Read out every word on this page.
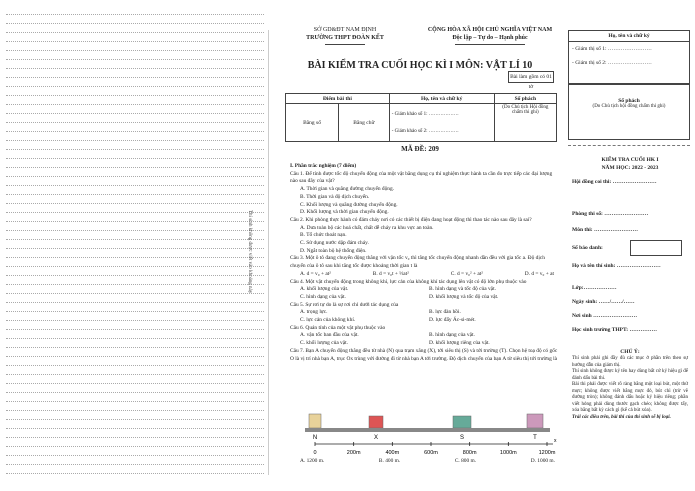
Thí sinh không được viết vào khoảng này
SỞ GD&ĐT NAM ĐỊNH
TRƯỜNG THPT ĐOÀN KẾT
CỘNG HÒA XÃ HỘI CHỦ NGHĨA VIỆT NAM
Độc lập – Tự do – Hạnh phúc
BÀI KIỂM TRA CUỐI HỌC KÌ I MÔN: VẬT LÍ 10
Bài làm gồm có 01 tờ
Điểm bài thi		Họ, tên và chữ ký	Số phách
Bằng số	Bằng chữ	- Giám khảo số 1: ………………
- Giám khảo số 2: ………………	(Do Chủ tịch Hội đồng chấm thi ghi)
MÃ ĐỀ: 209

I. Phần trắc nghiệm (7 điểm)

Câu 1. Để tính được tốc độ chuyển động của một vật bằng dụng cụ thí nghiệm thực hành ta cần đo trực tiếp các đại lượng nào sau đây của vật?

A. Thời gian và quãng đường chuyển động.

B. Thời gian và độ dịch chuyển.

C. Khối lượng và quãng đường chuyển động.

D. Khối lượng và thời gian chuyển động.

Câu 2. Khi phòng thực hành có đám cháy nơi có các thiết bị điện đang hoạt động thì thao tác nào sau đây là sai?

A. Dưa toàn bộ các hoá chất, chất dễ cháy ra khu vực an toàn.

B. Tổ chức thoát nạn.

C. Sử dụng nước dập đám cháy.

D. Ngắt toàn bộ hệ thống điện.

Câu 3. Một ô tô đang chuyển động thẳng với vận tốc v₀ thì tăng tốc chuyển động nhanh dần đều với gia tốc a. Độ dịch chuyển của ô tô sau khi tăng tốc được khoảng thời gian t là

A. d = v₀ + at²	B. d = v₀t + ½at²	C. d = v₀² + at²	D. d = v₀ + at

Câu 4. Một vật chuyển động trong không khí, lực cản của không khí tác dụng lên vật có độ lớn phụ thuộc vào

A. khối lượng của vật.	B. hình dạng và tốc độ của vật.

C. hình dạng của vật.	D. khối lượng và tốc độ của vật.

Câu 5. Sự rơi tự do là sự rơi chỉ dưới tác dụng của

A. trọng lực.	B. lực đàn hồi.

C. lực cản của không khí.	D. lực đẩy Ác-si-mét.

Câu 6. Quán tính của một vật phụ thuộc vào

A. vận tốc ban đầu của vật.	B. hình dạng của vật.

C. khối lượng của vật.	D. khối lượng riêng của vật.

Câu 7. Bạn A chuyển động thẳng đều từ nhà (N) qua trạm xăng (X), tới siêu thị (S) và tới trường (T). Chọn hệ toạ độ có gốc O là vị trí nhà bạn A, trục Ox trùng với đường đi từ nhà bạn A tới trường. Độ dịch chuyển của bạn A từ siêu thị tới trường là

N	X	S	T
0	200m	400m	600m	800m	1000m	1200m
x
A. 1200 m.	B. 400 m.	C. 800 m.	D. 1000 m.
Họ, tên và chữ ký
- Giám thị số 1: ……………………
- Giám thị số 2: ……………………
Số phách
(Do Chủ tịch hội đồng chấm thi ghi)
KIỂM TRA CUỐI HK I
NĂM HỌC: 2022 - 2023
Hội đồng coi thi: ……………………
Phòng thi số: ……………………
Môn thi: ……………………
Số báo danh:
Họ và tên thí sinh: ……………………
Lớp:………………
Ngày sinh: ……/……/……
Nơi sinh ……………………
Học sinh trường THPT: ……………
CHÚ Ý:
Thí sinh phải ghi đầy đủ các mục ở phần trên theo sự hướng dẫn của giám thị.
Thí sinh không được ký tên hay dùng bất cứ ký hiệu gì để đánh dấu bài thi.
Bài thi phải được viết rõ ràng bằng một loại bút, một thứ mực; không được viết bằng mực đỏ, bút chì (trừ vẽ đường tròn); không đánh dấu hoặc ký hiệu riêng; phần viết hỏng phải dùng thước gạch chéo; không được tẩy, xóa bằng bất kỳ cách gì (kể cả bút xóa).
Trái các điều trên, bài thi của thí sinh sẽ bị loại.
